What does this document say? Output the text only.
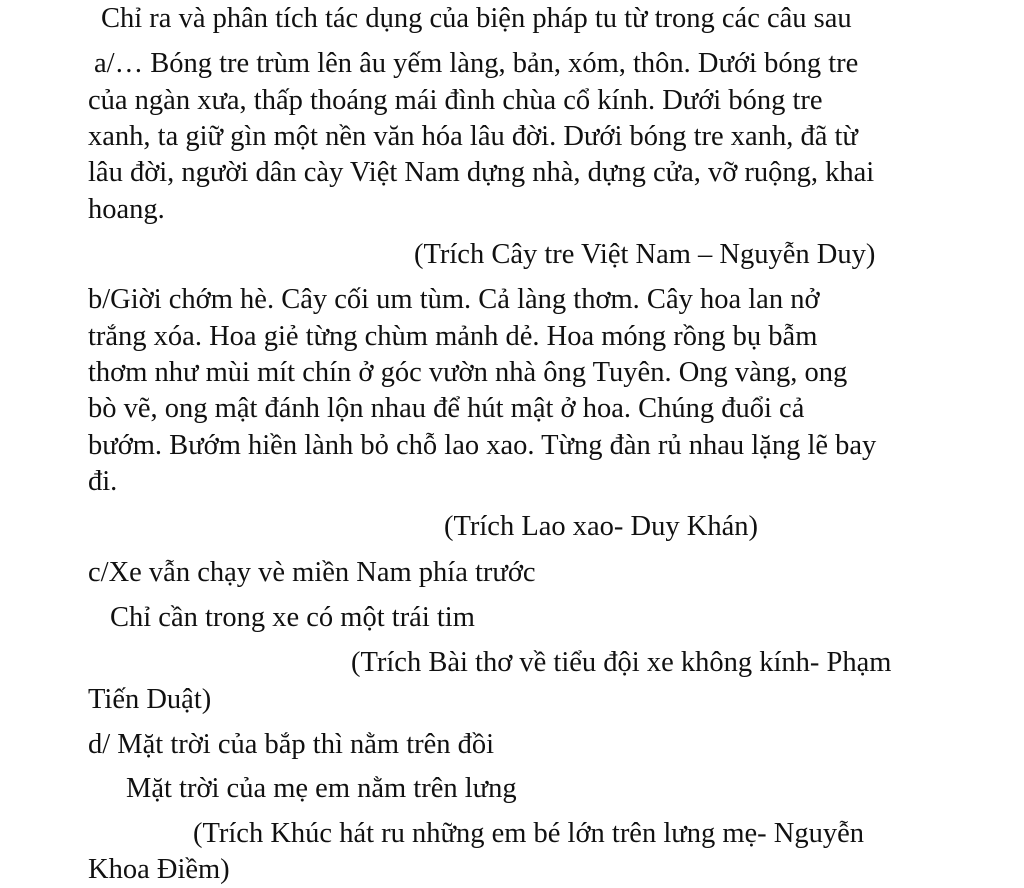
Chỉ ra và phân tích tác dụng của biện pháp tu từ trong các câu sau
a/… Bóng tre trùm lên âu yếm làng, bản, xóm, thôn. Dưới bóng tre
của ngàn xưa, thấp thoáng mái đình chùa cổ kính. Dưới bóng tre
xanh, ta giữ gìn một nền văn hóa lâu đời. Dưới bóng tre xanh, đã từ
lâu đời, người dân cày Việt Nam dựng nhà, dựng cửa, vỡ ruộng, khai
hoang.
(Trích Cây tre Việt Nam – Nguyễn Duy)
b/Giời chớm hè. Cây cối um tùm. Cả làng thơm. Cây hoa lan nở
trắng xóa. Hoa giẻ từng chùm mảnh dẻ. Hoa móng rồng bụ bẫm
thơm như mùi mít chín ở góc vườn nhà ông Tuyên. Ong vàng, ong
bò vẽ, ong mật đánh lộn nhau để hút mật ở hoa. Chúng đuổi cả
bướm. Bướm hiền lành bỏ chỗ lao xao. Từng đàn rủ nhau lặng lẽ bay
đi.
(Trích Lao xao- Duy Khán)
c/Xe vẫn chạy vè miền Nam phía trước
Chỉ cần trong xe có một trái tim
(Trích Bài thơ về tiểu đội xe không kính- Phạm
Tiến Duật)
d/ Mặt trời của bắp thì nằm trên đồi
Mặt trời của mẹ em nằm trên lưng
(Trích Khúc hát ru những em bé lớn trên lưng mẹ- Nguyễn
Khoa Điềm)
